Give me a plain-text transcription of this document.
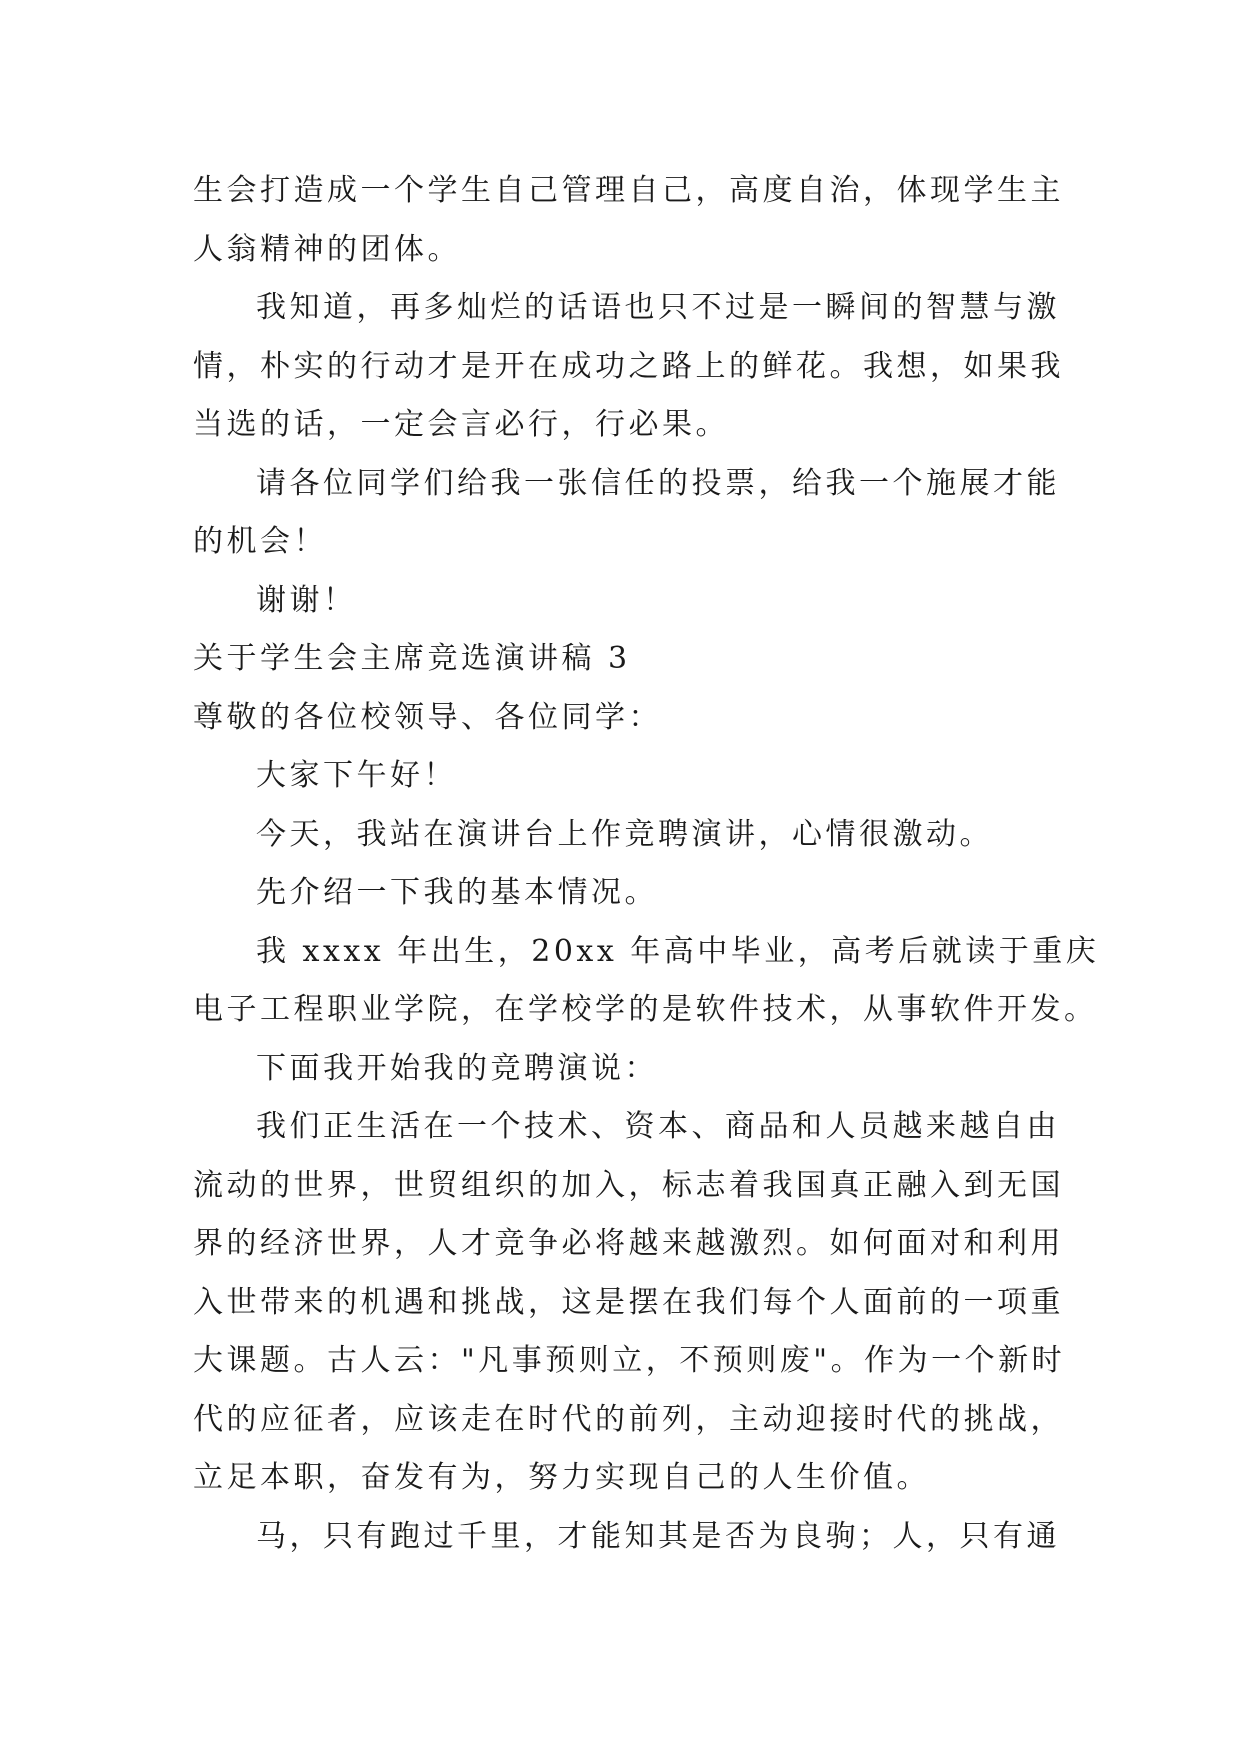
生会打造成一个学生自己管理自己，高度自治，体现学生主
人翁精神的团体。
我知道，再多灿烂的话语也只不过是一瞬间的智慧与激
情，朴实的行动才是开在成功之路上的鲜花。我想，如果我
当选的话，一定会言必行，行必果。
请各位同学们给我一张信任的投票，给我一个施展才能
的机会！
谢谢！
关于学生会主席竞选演讲稿 3
尊敬的各位校领导、各位同学：
大家下午好！
今天，我站在演讲台上作竞聘演讲，心情很激动。
先介绍一下我的基本情况。
我 xxxx 年出生，20xx 年高中毕业，高考后就读于重庆
电子工程职业学院，在学校学的是软件技术，从事软件开发。
下面我开始我的竞聘演说：
我们正生活在一个技术、资本、商品和人员越来越自由
流动的世界，世贸组织的加入，标志着我国真正融入到无国
界的经济世界，人才竞争必将越来越激烈。如何面对和利用
入世带来的机遇和挑战，这是摆在我们每个人面前的一项重
大课题。古人云："凡事预则立，不预则废"。作为一个新时
代的应征者，应该走在时代的前列，主动迎接时代的挑战，
立足本职，奋发有为，努力实现自己的人生价值。
马，只有跑过千里，才能知其是否为良驹；人，只有通
